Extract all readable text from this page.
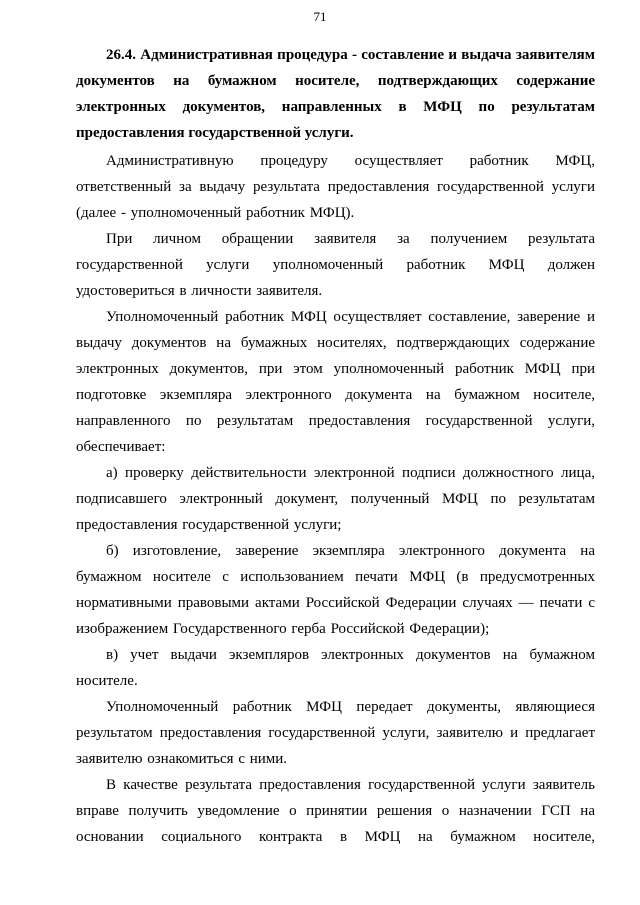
71

26.4. Административная процедура - составление и выдача заявителям документов на бумажном носителе, подтверждающих содержание электронных документов, направленных в МФЦ по результатам предоставления государственной услуги.

Административную процедуру осуществляет работник МФЦ, ответственный за выдачу результата предоставления государственной услуги (далее - уполномоченный работник МФЦ).

При личном обращении заявителя за получением результата государственной услуги уполномоченный работник МФЦ должен удостовериться в личности заявителя.

Уполномоченный работник МФЦ осуществляет составление, заверение и выдачу документов на бумажных носителях, подтверждающих содержание электронных документов, при этом уполномоченный работник МФЦ при подготовке экземпляра электронного документа на бумажном носителе, направленного по результатам предоставления государственной услуги, обеспечивает:

а) проверку действительности электронной подписи должностного лица, подписавшего электронный документ, полученный МФЦ по результатам предоставления государственной услуги;

б) изготовление, заверение экземпляра электронного документа на бумажном носителе с использованием печати МФЦ (в предусмотренных нормативными правовыми актами Российской Федерации случаях — печати с изображением Государственного герба Российской Федерации);

в) учет выдачи экземпляров электронных документов на бумажном носителе.

Уполномоченный работник МФЦ передает документы, являющиеся результатом предоставления государственной услуги, заявителю и предлагает заявителю ознакомиться с ними.

В качестве результата предоставления государственной услуги заявитель вправе получить уведомление о принятии решения о назначении ГСП на основании социального контракта в МФЦ на бумажном носителе,
